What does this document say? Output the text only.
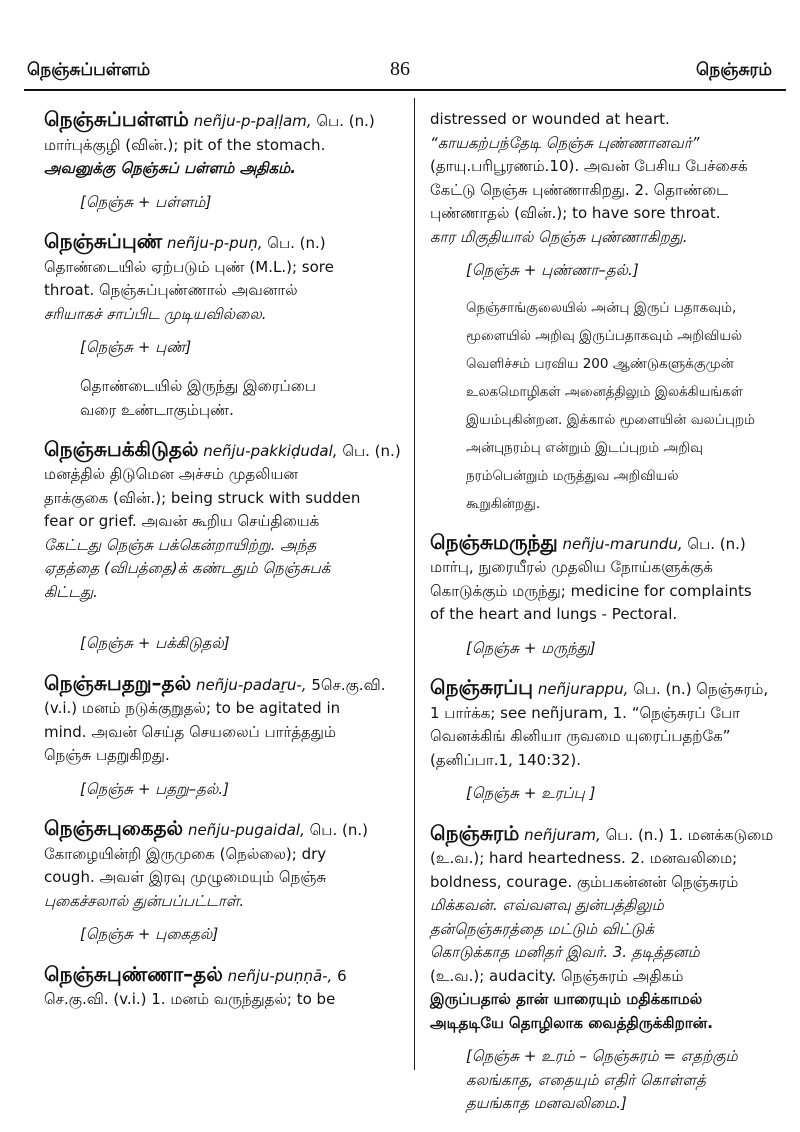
நெஞ்சுப்பள்ளம்	86	நெஞ்சுரம்
நெஞ்சுப்பள்ளம் neñju-p-paḷḷam, பெ. (n.)
மார்புக்குழி (வின்.); pit of the stomach.
அவனுக்கு நெஞ்சுப் பள்ளம் அதிகம்.
[நெஞ்சு + பள்ளம்]
நெஞ்சுப்புண் neñju-p-puṇ, பெ. (n.)
தொண்டையில் ஏற்படும் புண் (M.L.); sore
throat. நெஞ்சுப்புண்ணால் அவனால்
சரியாகச் சாப்பிட முடியவில்லை.
[நெஞ்சு + புண்]
தொண்டையில் இருந்து இரைப்பை
வரை உண்டாகும்புண்.
நெஞ்சுபக்கிடுதல் neñju-pakkiḍudal, பெ. (n.)
மனத்தில் திடுமென அச்சம் முதலியன
தாக்குகை (வின்.); being struck with sudden
fear or grief. அவன் கூறிய செய்தியைக்
கேட்டது நெஞ்சு பக்கென்றாயிற்று. அந்த
ஏதத்தை (விபத்தை)க் கண்டதும் நெஞ்சுபக்
கிட்டது.
[நெஞ்சு + பக்கிடுதல்]
நெஞ்சுபதறு–தல் neñju-padaṟu-, 5செ.கு.வி.
(v.i.) மனம் நடுக்குறுதல்; to be agitated in
mind. அவன் செய்த செயலைப் பார்த்ததும்
நெஞ்சு பதறுகிறது.
[நெஞ்சு + பதறு–தல்.]
நெஞ்சுபுகைதல் neñju-pugaidal, பெ. (n.)
கோழையின்றி இருமுகை (நெல்லை); dry
cough. அவள் இரவு முழுமையும் நெஞ்சு
புகைச்சலால் துன்பப்பட்டாள்.
[நெஞ்சு + புகைதல்]
நெஞ்சுபுண்ணா–தல் neñju-puṇṇā-, 6
செ.கு.வி. (v.i.) 1. மனம் வருந்துதல்; to be
distressed or wounded at heart.
“காயகற்பந்தேடி நெஞ்சு புண்ணானவர்”
(தாயு.பரிபூரணம்.10). அவன் பேசிய பேச்சைக்
கேட்டு நெஞ்சு புண்ணாகிறது. 2. தொண்டை
புண்ணாதல் (வின்.); to have sore throat.
கார மிகுதியால் நெஞ்சு புண்ணாகிறது.
[நெஞ்சு + புண்ணா–தல்.]
நெஞ்சாங்குலையில் அன்பு இருப் பதாகவும்,
மூளையில் அறிவு இருப்பதாகவும் அறிவியல்
வெளிச்சம் பரவிய 200 ஆண்டுகளுக்குமுன்
உலகமொழிகள் அனைத்திலும் இலக்கியங்கள்
இயம்புகின்றன. இக்கால் மூளையின் வலப்புறம்
அன்புநரம்பு என்றும் இடப்புறம் அறிவு
நரம்பென்றும் மருத்துவ அறிவியல்
கூறுகின்றது.
நெஞ்சுமருந்து neñju-marundu, பெ. (n.)
மார்பு, நுரையீரல் முதலிய நோய்களுக்குக்
கொடுக்கும் மருந்து; medicine for complaints
of the heart and lungs - Pectoral.
[நெஞ்சு + மருந்து]
நெஞ்சுரப்பு neñjurappu, பெ. (n.) நெஞ்சுரம்,
1 பார்க்க; see neñjuram, 1. “நெஞ்சுரப் போ
வெனக்கிங் கினியா ருவமை யுரைப்பதற்கே”
(தனிப்பா.1, 140:32).
[நெஞ்சு + உரப்பு ]
நெஞ்சுரம் neñjuram, பெ. (n.) 1. மனக்கடுமை
(உ.வ.); hard heartedness. 2. மனவலிமை;
boldness, courage. கும்பகன்னன் நெஞ்சுரம்
மிக்கவன். எவ்வளவு துன்பத்திலும்
தன்நெஞ்சுரத்தை மட்டும் விட்டுக்
கொடுக்காத மனிதர் இவர். 3. தடித்தனம்
(உ.வ.); audacity. நெஞ்சுரம் அதிகம்
இருப்பதால் தான் யாரையும் மதிக்காமல்
அடிதடியே தொழிலாக வைத்திருக்கிறான்.
[நெஞ்சு + உரம் – நெஞ்சுரம் = எதற்கும்
கலங்காத, எதையும் எதிர் கொள்ளத்
தயங்காத மனவலிமை.]
